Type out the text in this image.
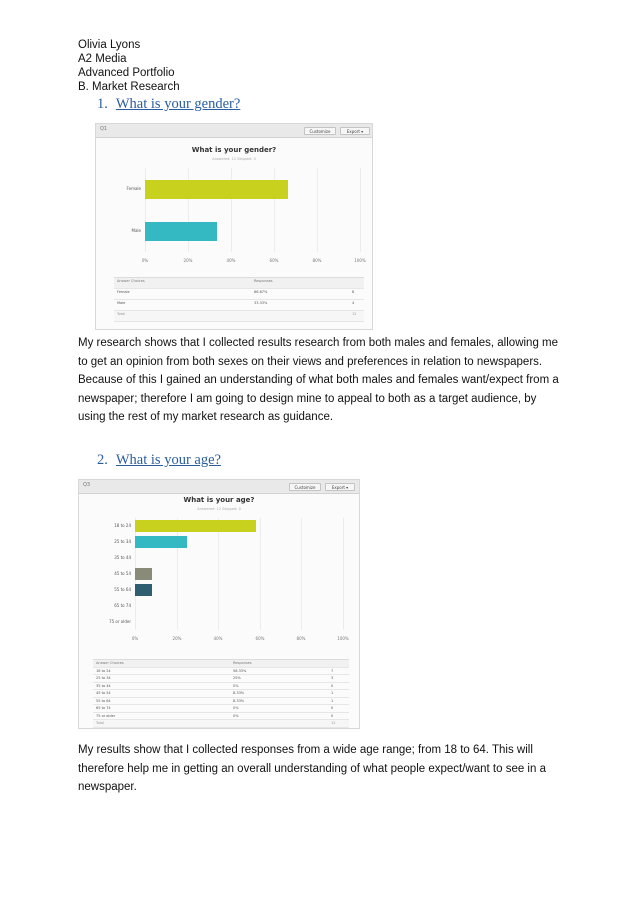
Olivia Lyons
A2 Media
Advanced Portfolio
B. Market Research
1. What is your gender?
Q1	Customize	Export ▾
What is your gender?
Answered: 12 Skipped: 0
0%	20%	40%	60%	80%	100%
Female
Male
Answer Choices	Responses
Female	66.67%	8
Male	33.33%	4
Total	12
My research shows that I collected results research from both males and females, allowing me to get an opinion from both sexes on their views and preferences in relation to newspapers. Because of this I gained an understanding of what both males and females want/expect from a newspaper; therefore I am going to design mine to appeal to both as a target audience, by using the rest of my market research as guidance.
2. What is your age?
Q3	Customize	Export ▾
What is your age?
Answered: 12 Skipped: 0
0%	20%	40%	60%	80%	100%
18 to 24
25 to 34
35 to 44
45 to 54
55 to 64
65 to 74
75 or older
Answer Choices	Responses
18 to 24	58.33%	7
25 to 34	25%	3
35 to 44	0%	0
45 to 54	8.33%	1
55 to 64	8.33%	1
65 to 74	0%	0
75 or older	0%	0
Total	12
My results show that I collected responses from a wide age range; from 18 to 64. This will therefore help me in getting an overall understanding of what people expect/want to see in a newspaper.
